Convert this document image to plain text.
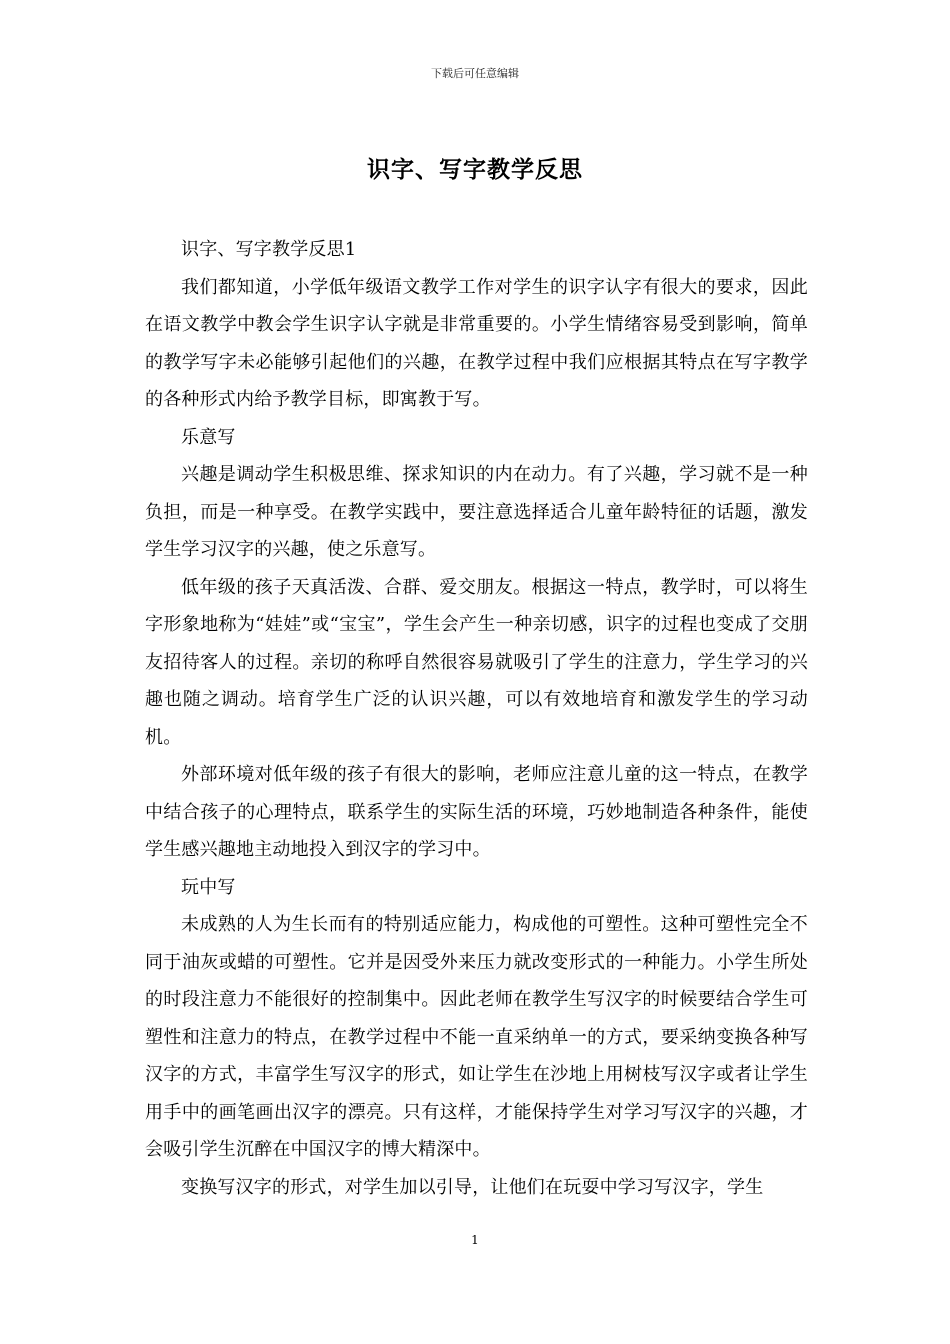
下载后可任意编辑
识字、写字教学反思

识字、写字教学反思1

我们都知道，小学低年级语文教学工作对学生的识字认字有很大的要求，因此在语文教学中教会学生识字认字就是非常重要的。小学生情绪容易受到影响，简单的教学写字未必能够引起他们的兴趣，在教学过程中我们应根据其特点在写字教学的各种形式内给予教学目标，即寓教于写。

乐意写

兴趣是调动学生积极思维、探求知识的内在动力。有了兴趣，学习就不是一种负担，而是一种享受。在教学实践中，要注意选择适合儿童年龄特征的话题，激发学生学习汉字的兴趣，使之乐意写。

低年级的孩子天真活泼、合群、爱交朋友。根据这一特点，教学时，可以将生字形象地称为“娃娃”或“宝宝”，学生会产生一种亲切感，识字的过程也变成了交朋友招待客人的过程。亲切的称呼自然很容易就吸引了学生的注意力，学生学习的兴趣也随之调动。培育学生广泛的认识兴趣，可以有效地培育和激发学生的学习动机。

外部环境对低年级的孩子有很大的影响，老师应注意儿童的这一特点，在教学中结合孩子的心理特点，联系学生的实际生活的环境，巧妙地制造各种条件，能使学生感兴趣地主动地投入到汉字的学习中。

玩中写

未成熟的人为生长而有的特别适应能力，构成他的可塑性。这种可塑性完全不同于油灰或蜡的可塑性。它并是因受外来压力就改变形式的一种能力。小学生所处的时段注意力不能很好的控制集中。因此老师在教学生写汉字的时候要结合学生可塑性和注意力的特点，在教学过程中不能一直采纳单一的方式，要采纳变换各种写汉字的方式，丰富学生写汉字的形式，如让学生在沙地上用树枝写汉字或者让学生用手中的画笔画出汉字的漂亮。只有这样，才能保持学生对学习写汉字的兴趣，才会吸引学生沉醉在中国汉字的博大精深中。

变换写汉字的形式，对学生加以引导，让他们在玩耍中学习写汉字，学生

1
